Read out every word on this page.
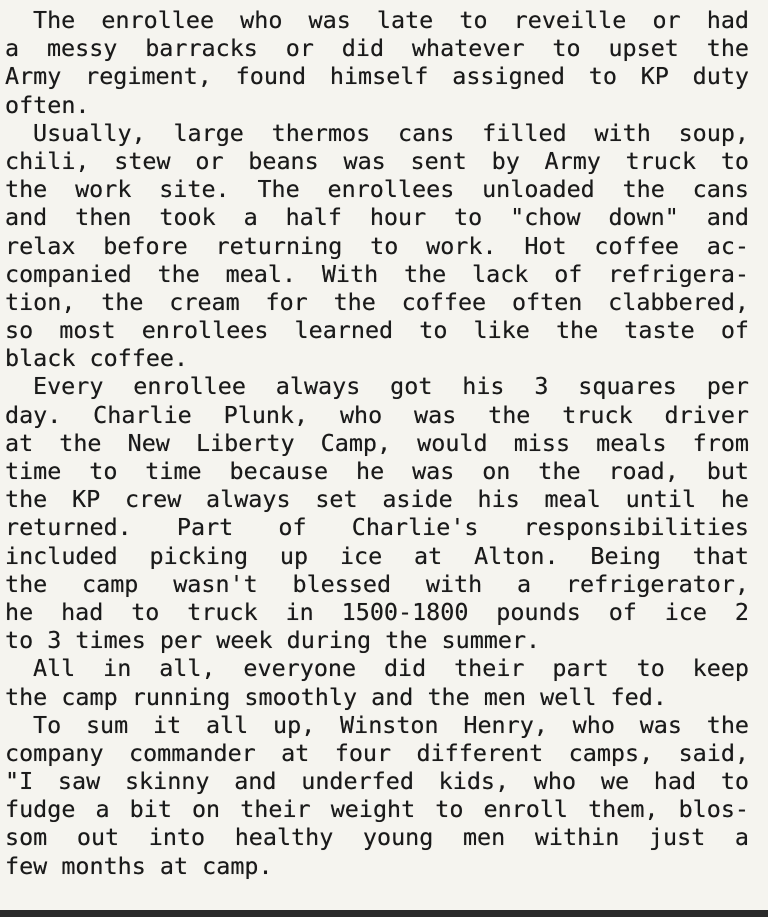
The enrollee who was late to reveille or had
a messy barracks or did whatever to upset the
Army regiment, found himself assigned to KP duty
often.
Usually, large thermos cans filled with soup,
chili, stew or beans was sent by Army truck to
the work site. The enrollees unloaded the cans
and then took a half hour to "chow down" and
relax before returning to work. Hot coffee ac-
companied the meal. With the lack of refrigera-
tion, the cream for the coffee often clabbered,
so most enrollees learned to like the taste of
black coffee.
Every enrollee always got his 3 squares per
day. Charlie Plunk, who was the truck driver
at the New Liberty Camp, would miss meals from
time to time because he was on the road, but
the KP crew always set aside his meal until he
returned. Part of Charlie's responsibilities
included picking up ice at Alton. Being that
the camp wasn't blessed with a refrigerator,
he had to truck in 1500-1800 pounds of ice 2
to 3 times per week during the summer.
All in all, everyone did their part to keep
the camp running smoothly and the men well fed.
To sum it all up, Winston Henry, who was the
company commander at four different camps, said,
"I saw skinny and underfed kids, who we had to
fudge a bit on their weight to enroll them, blos-
som out into healthy young men within just a
few months at camp.
